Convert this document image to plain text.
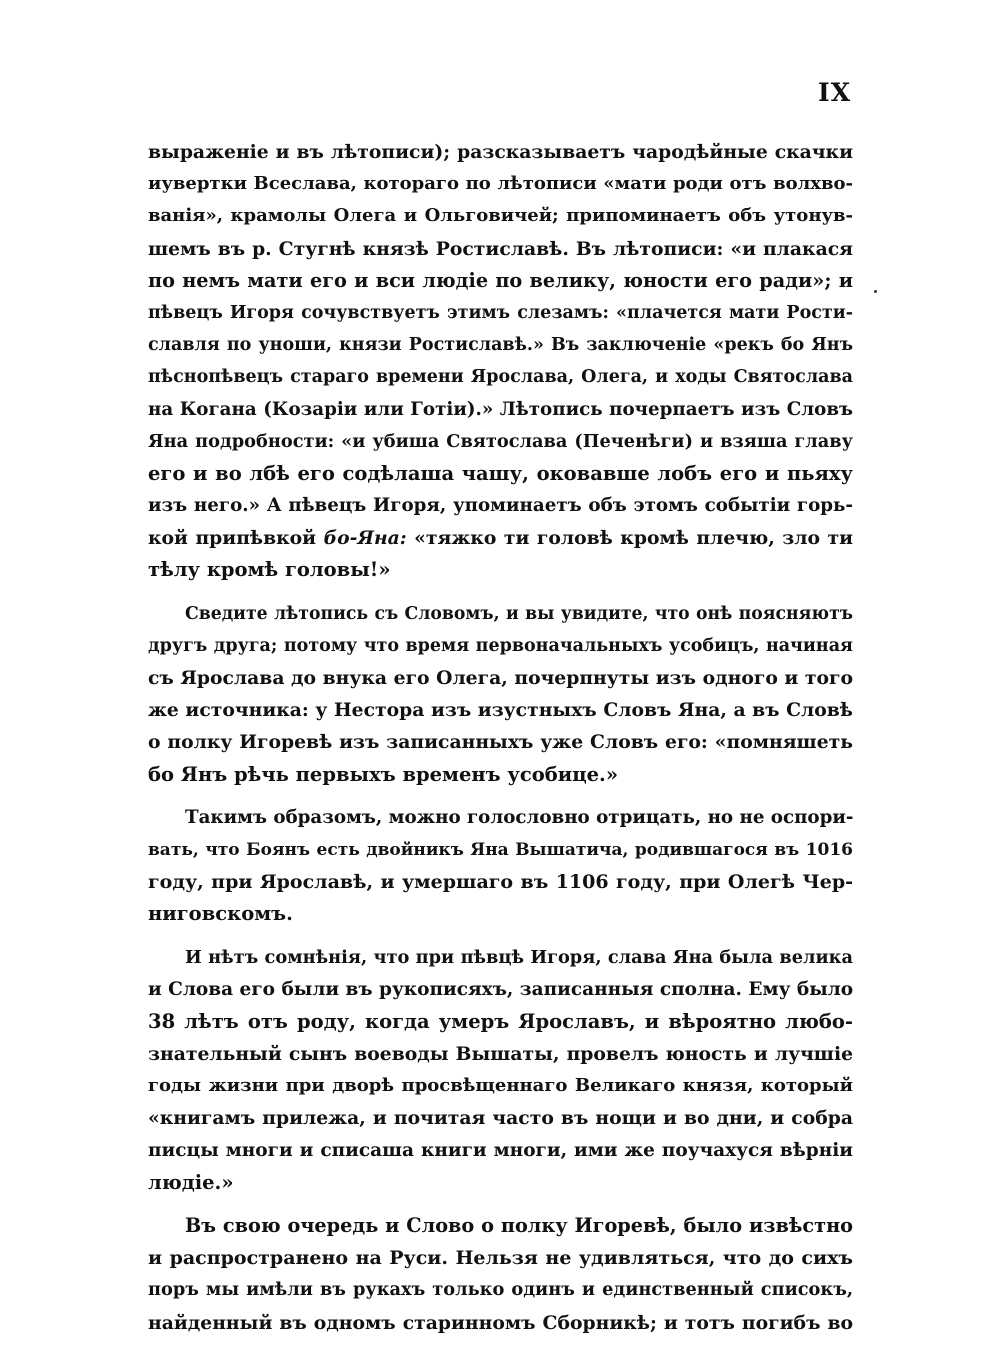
IX
выраженіе и въ лѣтописи); разсказываетъ чародѣйные скачки
иувертки Всеслава, котораго по лѣтописи «мати роди отъ волхво-
ванія», крамолы Олега и Ольговичей; припоминаетъ объ утонув-
шемъ въ р. Стугнѣ князѣ Ростиславѣ. Въ лѣтописи: «и плакася
по немъ мати его и вси людіе по велику, юности его ради»; и
пѣвецъ Игоря сочувствуетъ этимъ слезамъ: «плачется мати Рости-
славля по уноши, князи Ростиславѣ.» Въ заключеніе «рекъ бо Янъ
пѣснопѣвецъ стараго времени Ярослава, Олега, и ходы Святослава
на Когана (Козаріи или Готіи).» Лѣтопись почерпаетъ изъ Словъ
Яна подробности: «и убиша Святослава (Печенѣги) и взяша главу
его и во лбѣ его содѣлаша чашу, оковавше лобъ его и пьяху
изъ него.» А пѣвецъ Игоря, упоминаетъ объ этомъ событіи горь-
кой припѣвкой бо-Яна: «тяжко ти головѣ кромѣ плечю, зло ти
тѣлу кромѣ головы!»
Сведите лѣтопись съ Словомъ, и вы увидите, что онѣ поясняютъ
другъ друга; потому что время первоначальныхъ усобицъ, начиная
съ Ярослава до внука его Олега, почерпнуты изъ одного и того
же источника: у Нестора изъ изустныхъ Словъ Яна, а въ Словѣ
о полку Игоревѣ изъ записанныхъ уже Словъ его: «помняшеть
бо Янъ рѣчь первыхъ временъ усобице.»
Такимъ образомъ, можно голословно отрицать, но не оспори-
вать, что Боянъ есть двойникъ Яна Вышатича, родившагося въ 1016
году, при Ярославѣ, и умершаго въ 1106 году, при Олегѣ Чер-
ниговскомъ.
И нѣтъ сомнѣнія, что при пѣвцѣ Игоря, слава Яна была велика
и Слова его были въ рукописяхъ, записанныя сполна. Ему было
38 лѣтъ отъ роду, когда умеръ Ярославъ, и вѣроятно любо-
знательный сынъ воеводы Вышаты, провелъ юность и лучшіе
годы жизни при дворѣ просвѣщеннаго Великаго князя, который
«книгамъ прилежа, и почитая часто въ нощи и во дни, и собра
писцы многи и списаша книги многи, ими же поучахуся вѣрніи
людіе.»
Въ свою очередь и Слово о полку Игоревѣ, было извѣстно
и распространено на Руси. Нельзя не удивляться, что до сихъ
поръ мы имѣли въ рукахъ только одинъ и единственный списокъ,
найденный въ одномъ старинномъ Сборникѣ; и тотъ погибъ во
